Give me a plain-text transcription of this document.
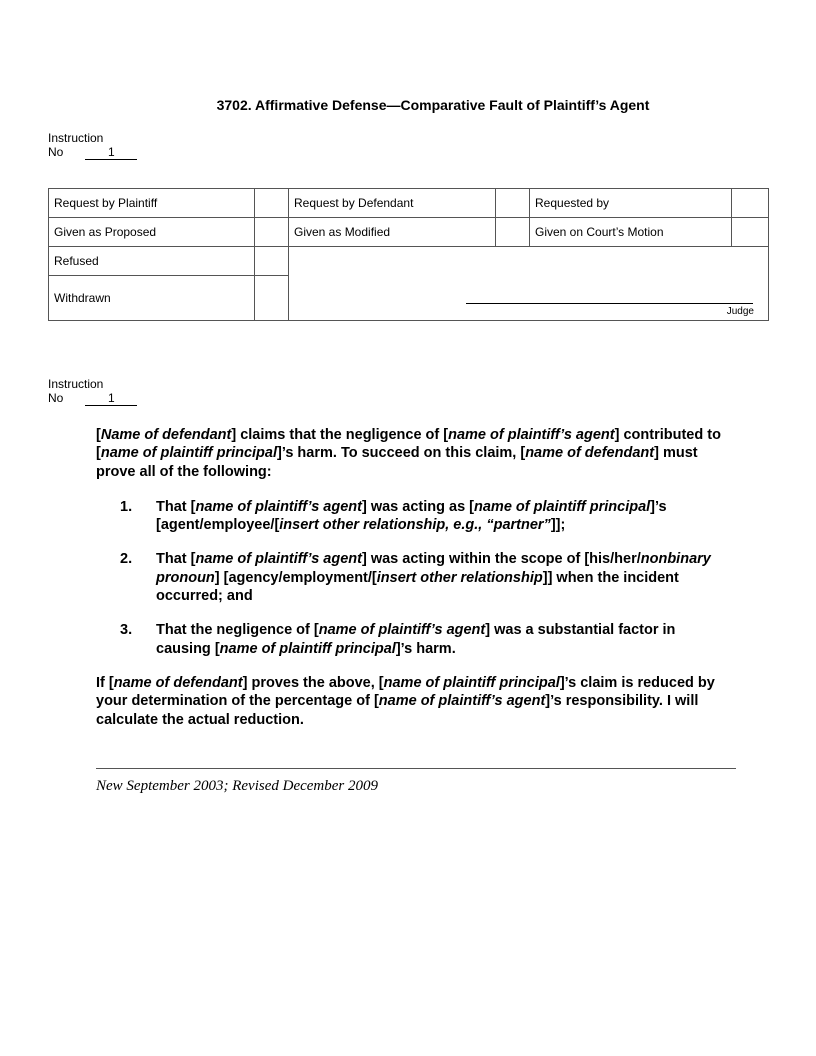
3702. Affirmative Defense—Comparative Fault of Plaintiff’s Agent
Instruction
No	1
Request by Plaintiff		Request by Defendant		Requested by	
Given as Proposed		Given as Modified		Given on Court’s Motion	
Refused		Judge			

Withdrawn					
Instruction
No	1

[Name of defendant] claims that the negligence of [name of plaintiff’s agent] contributed to [name of plaintiff principal]’s harm. To succeed on this claim, [name of defendant] must prove all of the following:

1.	That [name of plaintiff’s agent] was acting as [name of plaintiff principal]’s [agent/employee/[insert other relationship, e.g., “partner”]];
2.	That [name of plaintiff’s agent] was acting within the scope of [his/her/nonbinary pronoun] [agency/employment/[insert other relationship]] when the incident occurred; and
3.	That the negligence of [name of plaintiff’s agent] was a substantial factor in causing [name of plaintiff principal]’s harm.

If [name of defendant] proves the above, [name of plaintiff principal]’s claim is reduced by your determination of the percentage of [name of plaintiff’s agent]’s responsibility. I will calculate the actual reduction.

New September 2003; Revised December 2009
